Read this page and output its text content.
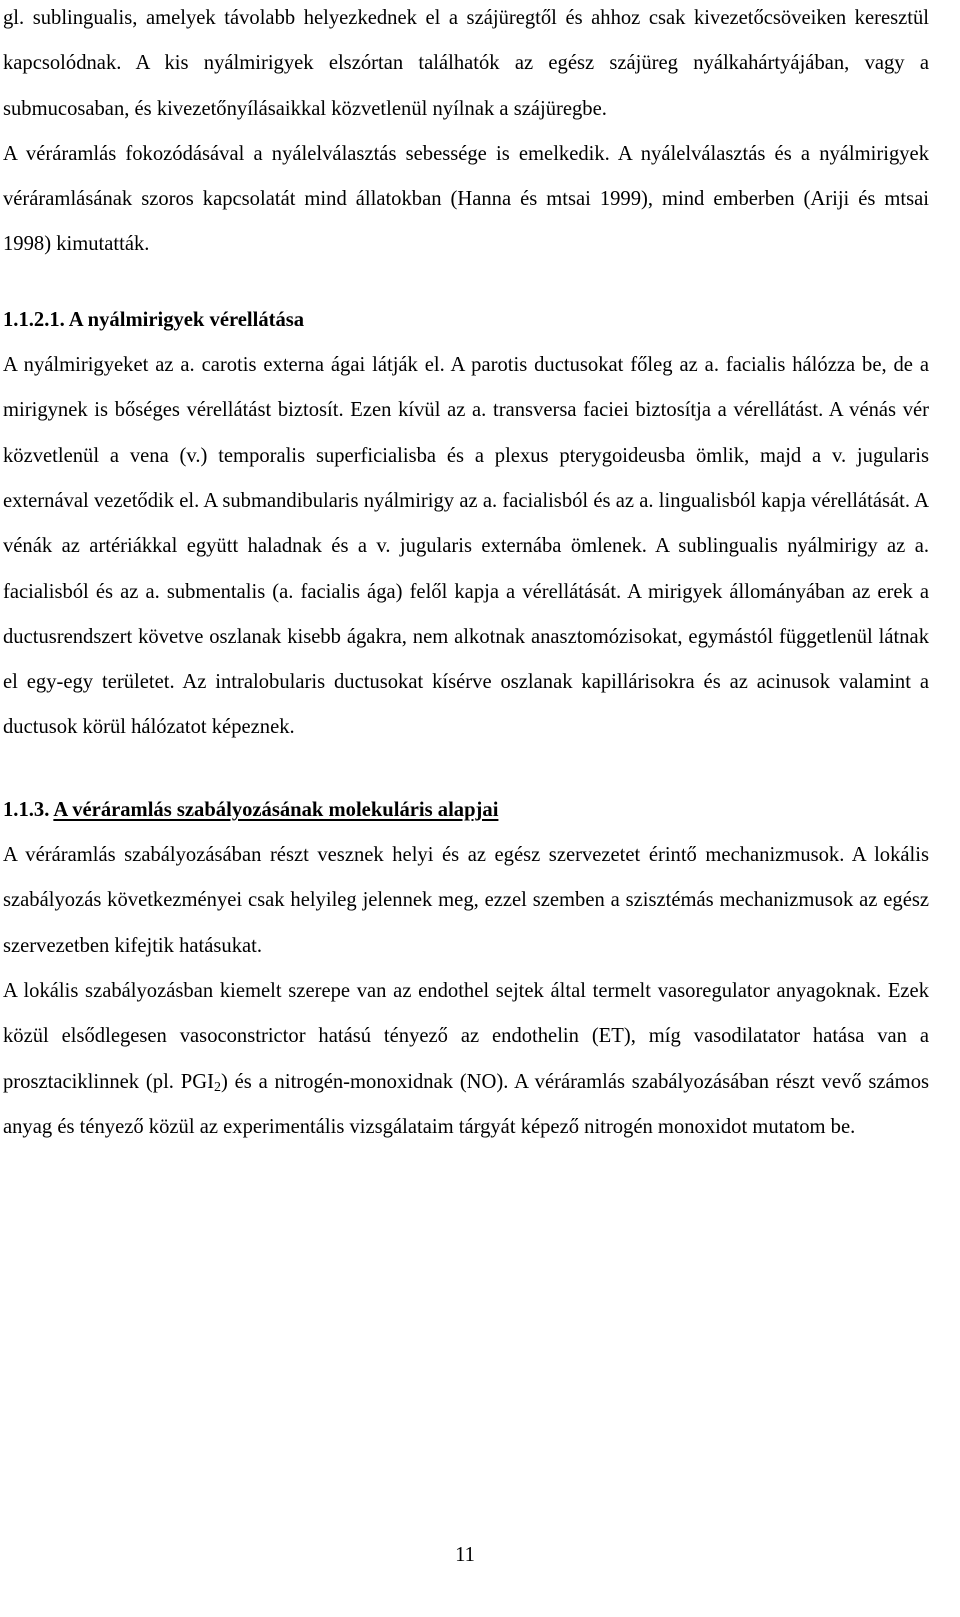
gl. sublingualis, amelyek távolabb helyezkednek el a szájüregtől és ahhoz csak kivezetőcsöveiken keresztül kapcsolódnak. A kis nyálmirigyek elszórtan találhatók az egész szájüreg nyálkahártyájában, vagy a submucosaban, és kivezetőnyílásaikkal közvetlenül nyílnak a szájüregbe.

A véráramlás fokozódásával a nyálelválasztás sebessége is emelkedik. A nyálelválasztás és a nyálmirigyek véráramlásának szoros kapcsolatát mind állatokban (Hanna és mtsai 1999), mind emberben (Ariji és mtsai 1998) kimutatták.

1.1.2.1. A nyálmirigyek vérellátása

A nyálmirigyeket az a. carotis externa ágai látják el. A parotis ductusokat főleg az a. facialis hálózza be, de a mirigynek is bőséges vérellátást biztosít. Ezen kívül az a. transversa faciei biztosítja a vérellátást. A vénás vér közvetlenül a vena (v.) temporalis superficialisba és a plexus pterygoideusba ömlik, majd a v. jugularis externával vezetődik el. A submandibularis nyálmirigy az a. facialisból és az a. lingualisból kapja vérellátását. A vénák az artériákkal együtt haladnak és a v. jugularis externába ömlenek. A sublingualis nyálmirigy az a. facialisból és az a. submentalis (a. facialis ága) felől kapja a vérellátását. A mirigyek állományában az erek a ductusrendszert követve oszlanak kisebb ágakra, nem alkotnak anasztomózisokat, egymástól függetlenül látnak el egy-egy területet. Az intralobularis ductusokat kísérve oszlanak kapillárisokra és az acinusok valamint a ductusok körül hálózatot képeznek.

1.1.3. A véráramlás szabályozásának molekuláris alapjai

A véráramlás szabályozásában részt vesznek helyi és az egész szervezetet érintő mechanizmusok. A lokális szabályozás következményei csak helyileg jelennek meg, ezzel szemben a szisztémás mechanizmusok az egész szervezetben kifejtik hatásukat.

A lokális szabályozásban kiemelt szerepe van az endothel sejtek által termelt vasoregulator anyagoknak. Ezek közül elsődlegesen vasoconstrictor hatású tényező az endothelin (ET), míg vasodilatator hatása van a prosztaciklinnek (pl. $PGI_2$) és a nitrogén-monoxidnak (NO). A véráramlás szabályozásában részt vevő számos anyag és tényező közül az experimentális vizsgálataim tárgyát képező nitrogén monoxidot mutatom be.

11
